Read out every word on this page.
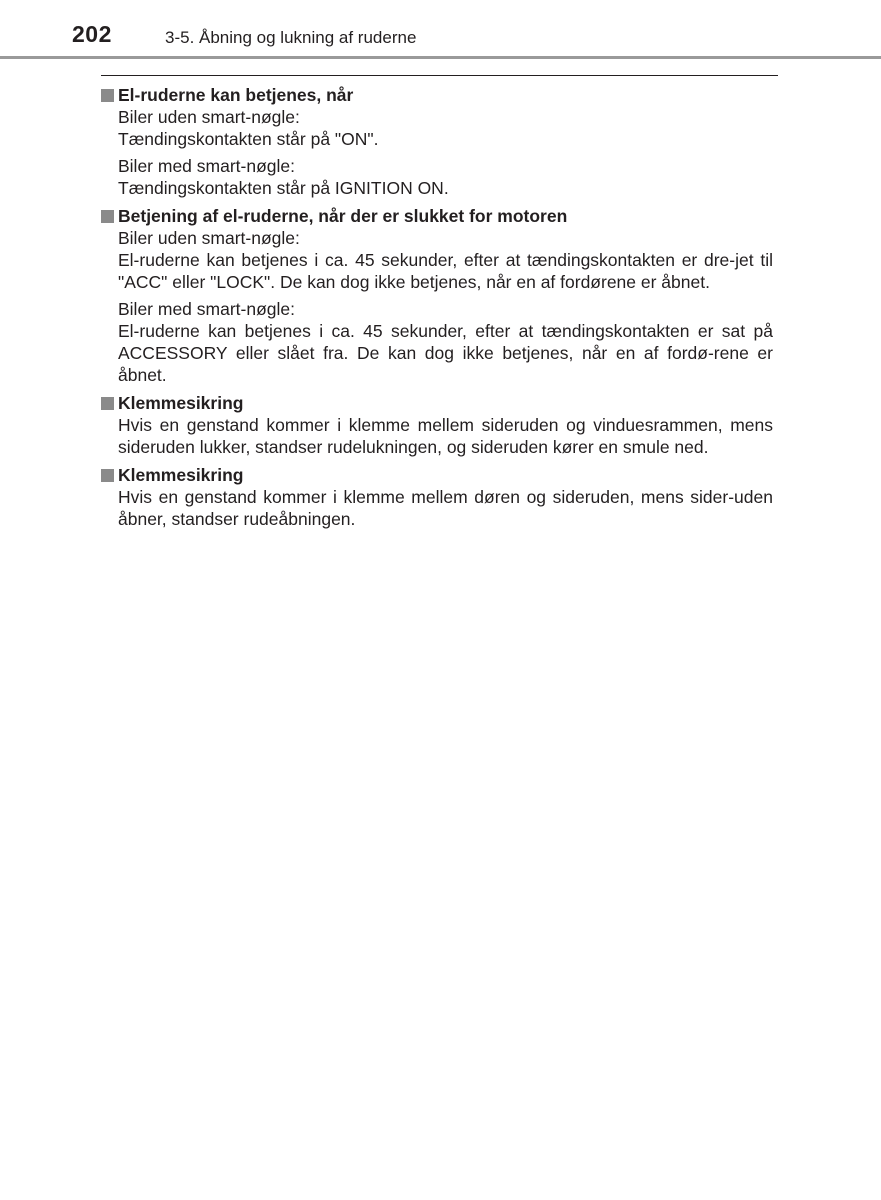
202	3-5. Åbning og lukning af ruderne
El-ruderne kan betjenes, når

Biler uden smart-nøgle:

Tændingskontakten står på "ON".

Biler med smart-nøgle:

Tændingskontakten står på IGNITION ON.

Betjening af el-ruderne, når der er slukket for motoren

Biler uden smart-nøgle:

El-ruderne kan betjenes i ca. 45 sekunder, efter at tændingskontakten er dre-jet til "ACC" eller "LOCK". De kan dog ikke betjenes, når en af fordørene er åbnet.

Biler med smart-nøgle:

El-ruderne kan betjenes i ca. 45 sekunder, efter at tændingskontakten er sat på ACCESSORY eller slået fra. De kan dog ikke betjenes, når en af fordø-rene er åbnet.

Klemmesikring

Hvis en genstand kommer i klemme mellem sideruden og vinduesrammen, mens sideruden lukker, standser rudelukningen, og sideruden kører en smule ned.

Klemmesikring

Hvis en genstand kommer i klemme mellem døren og sideruden, mens sider-uden åbner, standser rudeåbningen.
